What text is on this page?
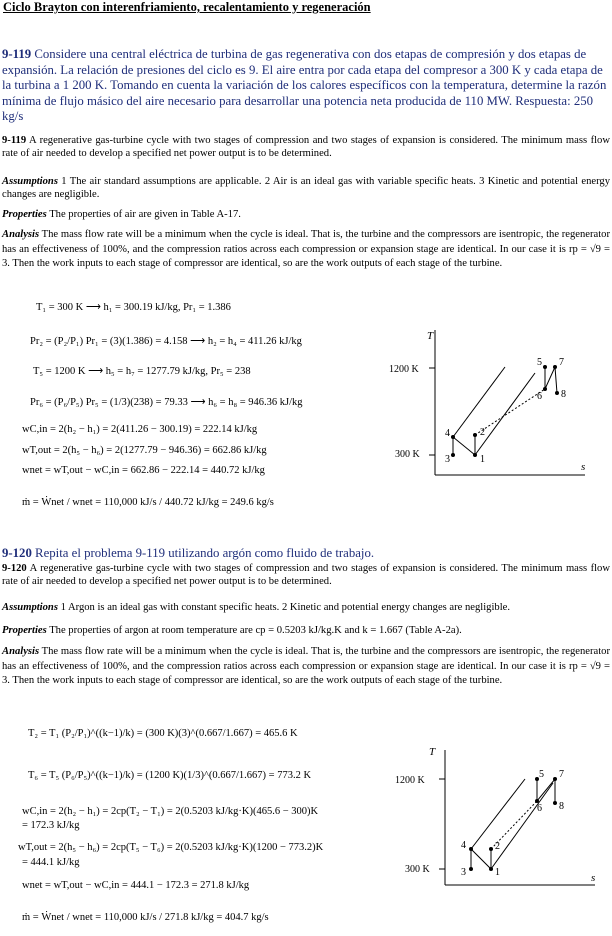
Ciclo Brayton con interenfriamiento, recalentamiento y regeneración
9-119 Considere una central eléctrica de turbina de gas regenerativa con dos etapas de compresión y dos etapas de expansión. La relación de presiones del ciclo es 9. El aire entra por cada etapa del compresor a 300 K y cada etapa de la turbina a 1 200 K. Tomando en cuenta la variación de los calores específicos con la temperatura, determine la razón mínima de flujo másico del aire necesario para desarrollar una potencia neta producida de 110 MW. Respuesta: 250 kg/s
9-119 A regenerative gas-turbine cycle with two stages of compression and two stages of expansion is considered. The minimum mass flow rate of air needed to develop a specified net power output is to be determined.
Assumptions 1 The air standard assumptions are applicable. 2 Air is an ideal gas with variable specific heats. 3 Kinetic and potential energy changes are negligible.
Properties The properties of air are given in Table A-17.
Analysis The mass flow rate will be a minimum when the cycle is ideal. That is, the turbine and the compressors are isentropic, the regenerator has an effectiveness of 100%, and the compression ratios across each compression or expansion stage are identical. In our case it is rp = √9 = 3. Then the work inputs to each stage of compressor are identical, so are the work outputs of each stage of the turbine.
T₁ = 300 K ⟶ h₁ = 300.19 kJ/kg, Pr₁ = 1.386
Pr₂ = (P₂/P₁) Pr₁ = (3)(1.386) = 4.158 ⟶ h₂ = h₄ = 411.26 kJ/kg
T₅ = 1200 K ⟶ h₅ = h₇ = 1277.79 kJ/kg, Pr₅ = 238
Pr₆ = (P₆/P₅) Pr₅ = (1/3)(238) = 79.33 ⟶ h₆ = h₈ = 946.36 kJ/kg
wC,in = 2(h₂ − h₁) = 2(411.26 − 300.19) = 222.14 kJ/kg
wT,out = 2(h₅ − h₆) = 2(1277.79 − 946.36) = 662.86 kJ/kg
wnet = wT,out − wC,in = 662.86 − 222.14 = 440.72 kJ/kg
ṁ = Ẇnet / wnet = 110,000 kJ/s / 440.72 kJ/kg = 249.6 kg/s
T
s
1200 K
300 K	3	1
4	2
5 7
6 8
9-120 Repita el problema 9-119 utilizando argón como fluido de trabajo.
9-120 A regenerative gas-turbine cycle with two stages of compression and two stages of expansion is considered. The minimum mass flow rate of air needed to develop a specified net power output is to be determined.
Assumptions 1 Argon is an ideal gas with constant specific heats. 2 Kinetic and potential energy changes are negligible.
Properties The properties of argon at room temperature are cp = 0.5203 kJ/kg.K and k = 1.667 (Table A-2a).
Analysis The mass flow rate will be a minimum when the cycle is ideal. That is, the turbine and the compressors are isentropic, the regenerator has an effectiveness of 100%, and the compression ratios across each compression or expansion stage are identical. In our case it is rp = √9 = 3. Then the work inputs to each stage of compressor are identical, so are the work outputs of each stage of the turbine.
T₂ = T₁ (P₂/P₁)^((k−1)/k) = (300 K)(3)^(0.667/1.667) = 465.6 K
T₆ = T₅ (P₆/P₅)^((k−1)/k) = (1200 K)(1/3)^(0.667/1.667) = 773.2 K
wC,in = 2(h₂ − h₁) = 2cp(T₂ − T₁) = 2(0.5203 kJ/kg·K)(465.6 − 300)K
= 172.3 kJ/kg
wT,out = 2(h₅ − h₆) = 2cp(T₅ − T₆) = 2(0.5203 kJ/kg·K)(1200 − 773.2)K
= 444.1 kJ/kg
wnet = wT,out − wC,in = 444.1 − 172.3 = 271.8 kJ/kg
ṁ = Ẇnet / wnet = 110,000 kJ/s / 271.8 kJ/kg = 404.7 kg/s
T
s
1200 K
300 K	3	1
4	2
5 7
6 8
